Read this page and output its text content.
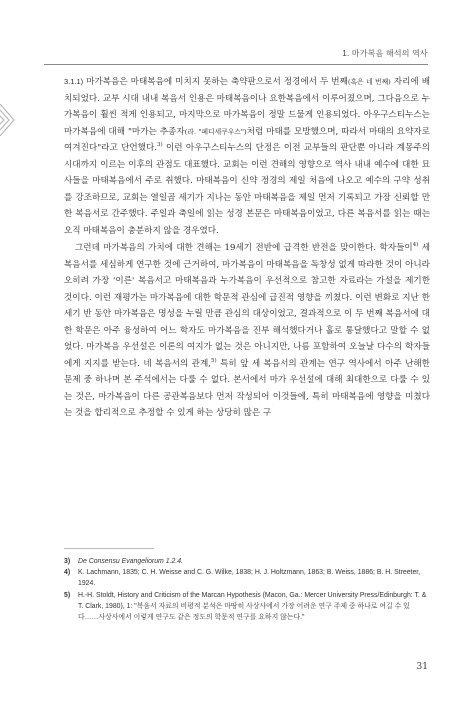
1. 마가복음 해석의 역사

3.1.1) 마가복음은 마태복음에 미치지 못하는 축약판으로서 정경에서 두 번째(혹은 네 번째) 자리에 배치되었다. 교부 시대 내내 복음서 인용은 마태복음이나 요한복음에서 이루어졌으며, 그다음으로 누가복음이 훨씬 적게 인용되고, 마지막으로 마가복음이 정말 드물게 인용되었다. 아우구스티누스는 마가복음에 대해 "마가는 추종자(라. "페디세쿠우스")처럼 마태를 모방했으며, 따라서 마태의 요약자로 여겨진다"라고 단언했다.$^{3)}$ 이런 아우구스티누스의 단정은 이전 교부들의 판단뿐 아니라 계몽주의 시대까지 이르는 이후의 관점도 대표했다. 교회는 이런 견해의 영향으로 역사 내내 예수에 대한 묘사들을 마태복음에서 주로 취했다. 마태복음이 신약 정경의 제일 처음에 나오고 예수의 구약 성취를 강조하므로, 교회는 열일곱 세기가 지나는 동안 마태복음을 제일 먼저 기록되고 가장 신뢰할 만한 복음서로 간주했다. 주일과 축일에 읽는 성경 본문은 마태복음이었고, 다른 복음서를 읽는 때는 오직 마태복음이 충분하지 않을 경우였다.

그런데 마가복음의 가치에 대한 견해는 19세기 전반에 급격한 반전을 맞이한다. 학자들이$^{4)}$ 세 복음서를 세심하게 연구한 것에 근거하여, 마가복음이 마태복음을 독창성 없게 따라한 것이 아니라 오히려 가장 '이른' 복음서고 마태복음과 누가복음이 우선적으로 참고한 자료라는 가설을 제기한 것이다. 이런 재평가는 마가복음에 대한 학문적 관심에 급진적 영향을 끼쳤다. 이런 변화로 지난 한 세기 반 동안 마가복음은 명성을 누릴 만큼 관심의 대상이었고, 결과적으로 이 두 번째 복음서에 대한 학문은 아주 융성하여 어느 학자도 마가복음을 진부 해석했다거나 홀로 통달했다고 말할 수 없었다. 마가복음 우선설은 이론의 여지가 없는 것은 아니지만, 나름 포함하여 오늘날 다수의 학자들에게 지지를 받는다. 네 복음서의 관계,$^{5)}$ 특히 앞 세 복음서의 관계는 연구 역사에서 아주 난해한 문제 중 하나며 본 주석에서는 다룰 수 없다. 본서에서 마가 우선설에 대해 최대한으로 다룰 수 있는 것은, 마가복음이 다른 공관복음보다 먼저 작성되어 이것들에, 특히 마태복음에 영향을 미쳤다는 것을 합리적으로 추정할 수 있게 하는 상당히 많은 구

3)	De Consensu Evangeliorum 1.2.4.
4)	K. Lachmann, 1835; C. H. Weisse and C. G. Wilke, 1838; H. J. Holtzmann, 1863; B. Weiss, 1886; B. H. Streeter, 1924.
5)	H.-H. Stoldt, History and Criticism of the Marcan Hypothesis (Macon, Ga.: Mercer University Press/Edinburgh: T. & T. Clark, 1980), 1: "복음서 자료의 비평적 분석은 마땅히 사상사에서 가장 어려운 연구 주제 중 하나로 여길 수 있다……사상사에서 이렇게 연구도 같은 정도의 학문적 연구를 요하지 않는다."
31
